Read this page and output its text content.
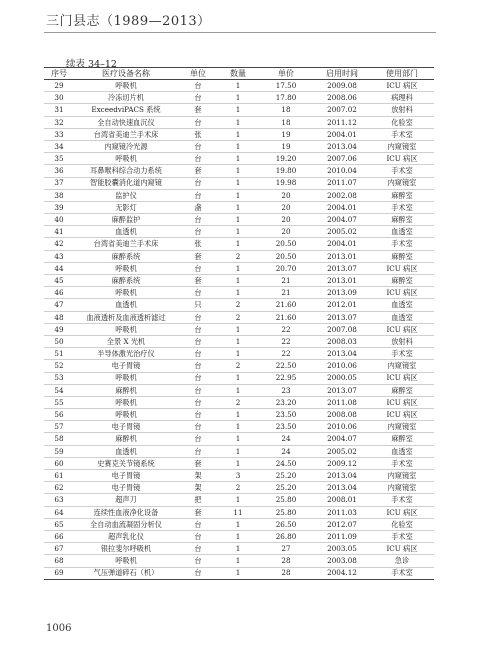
三门县志（1989—2013）
续表 34–12
序号	医疗设备名称	单位	数量	单价	启用时间	使用部门
29	呼吸机	台	1	17.50	2009.08	ICU 病区
30	冷冻切片机	台	1	17.80	2008.06	病理科
31	ExceedviPACS 系统	套	1	18	2007.02	放射科
32	全自动快速血沉仪	台	1	18	2011.12	化验室
33	台湾省美迪兰手术床	张	1	19	2004.01	手术室
34	内窥镜冷光源	台	1	19	2013.04	内窥镜室
35	呼吸机	台	1	19.20	2007.06	ICU 病区
36	耳鼻喉科综合动力系统	套	1	19.80	2010.04	手术室
37	智能胶囊消化道内窥镜	台	1	19.98	2011.07	内窥镜室
38	监护仪	台	1	20	2002.08	麻醉室
39	无影灯	盏	1	20	2004.01	手术室
40	麻醉监护	台	1	20	2004.07	麻醉室
41	血透机	台	1	20	2005.02	血透室
42	台湾省美迪兰手术床	张	1	20.50	2004.01	手术室
43	麻醉系统	套	2	20.50	2013.01	麻醉室
44	呼吸机	台	1	20.70	2013.07	ICU 病区
45	麻醉系统	套	1	21	2013.01	麻醉室
46	呼吸机	台	1	21	2013.09	ICU 病区
47	血透机	只	2	21.60	2012.01	血透室
48	血液透析及血液透析滤过	台	2	21.60	2013.07	血透室
49	呼吸机	台	1	22	2007.08	ICU 病区
50	全景 X 光机	台	1	22	2008.03	放射科
51	半导体激光治疗仪	台	1	22	2013.04	手术室
52	电子胃镜	台	2	22.50	2010.06	内窥镜室
53	呼吸机	台	1	22.95	2000.05	ICU 病区
54	麻醉机	台	1	23	2013.07	麻醉室
55	呼吸机	台	2	23.20	2011.08	ICU 病区
56	呼吸机	台	1	23.50	2008.08	ICU 病区
57	电子胃镜	台	1	23.50	2010.06	内窥镜室
58	麻醉机	台	1	24	2004.07	麻醉室
59	血透机	台	1	24	2005.02	血透室
60	史赛克关节镜系统	套	1	24.50	2009.12	手术室
61	电子胃镜	架	3	25.20	2013.04	内窥镜室
62	电子胃镜	架	2	25.20	2013.04	内窥镜室
63	超声刀	把	1	25.80	2008.01	手术室
64	连续性血液净化设备	套	11	25.80	2011.03	ICU 病区
65	全自动血流凝固分析仪	台	1	26.50	2012.07	化验室
66	超声乳化仪	台	1	26.80	2011.09	手术室
67	银拉斐尔呼吸机	台	1	27	2003.05	ICU 病区
68	呼吸机	台	1	28	2003.08	急诊
69	气压弹道碎石（机）	台	1	28	2004.12	手术室
1006
